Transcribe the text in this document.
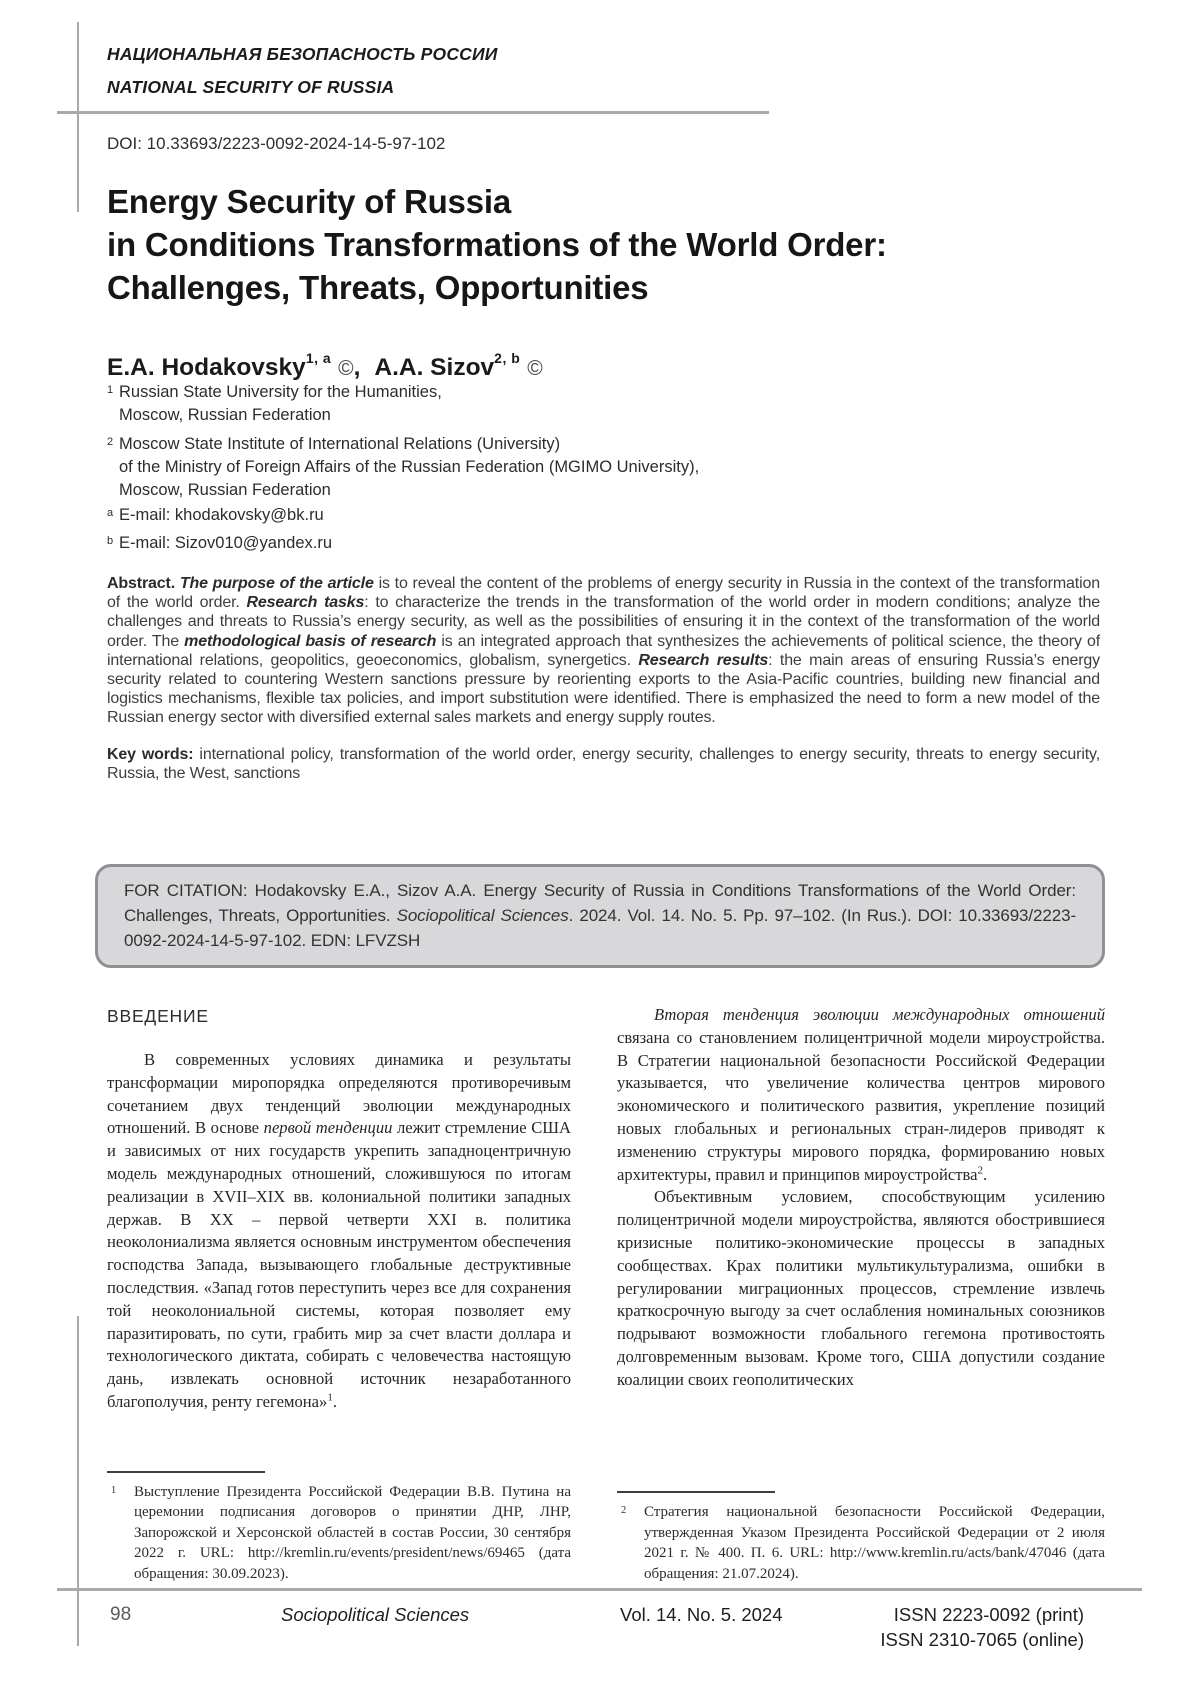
НАЦИОНАЛЬНАЯ БЕЗОПАСНОСТЬ РОССИИ
NATIONAL SECURITY OF RUSSIA
DOI: 10.33693/2223-0092-2024-14-5-97-102
Energy Security of Russia
in Conditions Transformations of the World Order:
Challenges, Threats, Opportunities
E.A. Hodakovsky$^{1, a}$ ©, A.A. Sizov$^{2, b}$ ©
1 Russian State University for the Humanities,
Moscow, Russian Federation
2 Moscow State Institute of International Relations (University)
of the Ministry of Foreign Affairs of the Russian Federation (MGIMO University),
Moscow, Russian Federation
a E-mail: khodakovsky@bk.ru
b E-mail: Sizov010@yandex.ru
Abstract. The purpose of the article is to reveal the content of the problems of energy security in Russia in the context of the transformation of the world order. Research tasks: to characterize the trends in the transformation of the world order in modern conditions; analyze the challenges and threats to Russia’s energy security, as well as the possibilities of ensuring it in the context of the transformation of the world order. The methodological basis of research is an integrated approach that synthesizes the achievements of political science, the theory of international relations, geopolitics, geoeconomics, globalism, synergetics. Research results: the main areas of ensuring Russia’s energy security related to countering Western sanctions pressure by reorienting exports to the Asia-Pacific countries, building new financial and logistics mechanisms, flexible tax policies, and import substitution were identified. There is emphasized the need to form a new model of the Russian energy sector with diversified external sales markets and energy supply routes.
Key words: international policy, transformation of the world order, energy security, challenges to energy security, threats to energy security, Russia, the West, sanctions
FOR CITATION: Hodakovsky E.A., Sizov A.A. Energy Security of Russia in Conditions Transformations of the World Order: Challenges, Threats, Opportunities. Sociopolitical Sciences. 2024. Vol. 14. No. 5. Pp. 97–102. (In Rus.). DOI: 10.33693/2223-0092-2024-14-5-97-102. EDN: LFVZSH
ВВЕДЕНИЕ

В современных условиях динамика и результаты трансформации миропорядка определяются противоречивым сочетанием двух тенденций эволюции международных отношений. В основе первой тенденции лежит стремление США и зависимых от них государств укрепить западноцентричную модель международных отношений, сложившуюся по итогам реализации в XVII–XIX вв. колониальной политики западных держав. В XX – первой четверти XXI в. политика неоколониализма является основным инструментом обеспечения господства Запада, вызывающего глобальные деструктивные последствия. «Запад готов переступить через все для сохранения той неоколониальной системы, которая позволяет ему паразитировать, по сути, грабить мир за счет власти доллара и технологического диктата, собирать с человечества настоящую дань, извлекать основной источник незаработанного благополучия, ренту гегемона»$^1$.

1 Выступление Президента Российской Федерации В.В. Путина на церемонии подписания договоров о принятии ДНР, ЛНР, Запорожской и Херсонской областей в состав России, 30 сентября 2022 г. URL: http://kremlin.ru/events/president/news/69465 (дата обращения: 30.09.2023).

Вторая тенденция эволюции международных отношений связана со становлением полицентричной модели мироустройства. В Стратегии национальной безопасности Российской Федерации указывается, что увеличение количества центров мирового экономического и политического развития, укрепление позиций новых глобальных и региональных стран-лидеров приводят к изменению структуры мирового порядка, формированию новых архитектуры, правил и принципов мироустройства$^2$.

Объективным условием, способствующим усилению полицентричной модели мироустройства, являются обострившиеся кризисные политико-экономические процессы в западных сообществах. Крах политики мультикультурализма, ошибки в регулировании миграционных процессов, стремление извлечь краткосрочную выгоду за счет ослабления номинальных союзников подрывают возможности глобального гегемона противостоять долговременным вызовам. Кроме того, США допустили создание коалиции своих геополитических

2 Стратегия национальной безопасности Российской Федерации, утвержденная Указом Президента Российской Федерации от 2 июля 2021 г. № 400. П. 6. URL: http://www.kremlin.ru/acts/bank/47046 (дата обращения: 21.07.2024).
98	Sociopolitical Sciences	Vol. 14. No. 5. 2024	ISSN 2223-0092 (print)
ISSN 2310-7065 (online)
